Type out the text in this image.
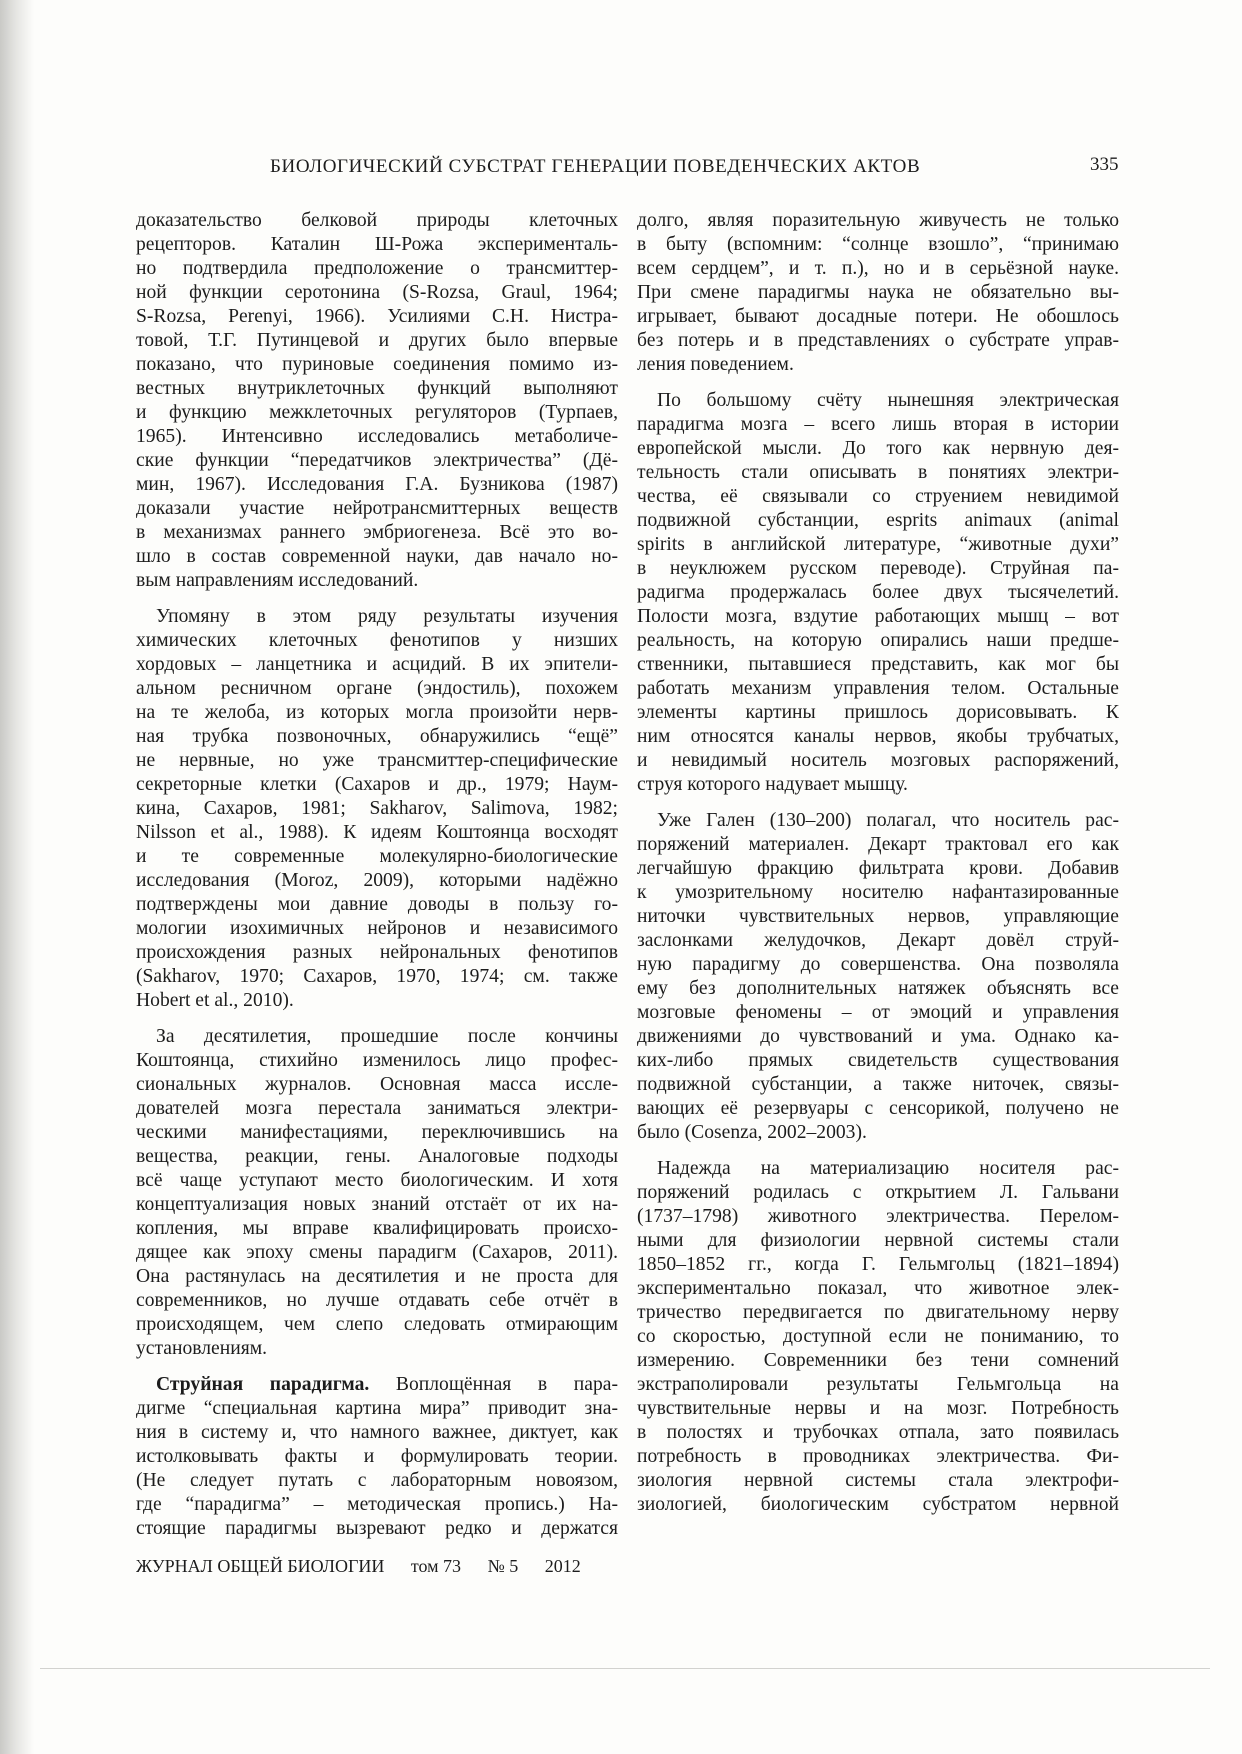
БИОЛОГИЧЕСКИЙ СУБСТРАТ ГЕНЕРАЦИИ ПОВЕДЕНЧЕСКИХ АКТОВ	335
доказательство белковой природы клеточных
рецепторов. Каталин Ш-Рожа эксперименталь-
но подтвердила предположение о трансмиттер-
ной функции серотонина (S-Rozsa, Graul, 1964;
S-Rozsa, Perenyi, 1966). Усилиями С.Н. Нистра-
товой, Т.Г. Путинцевой и других было впервые
показано, что пуриновые соединения помимо из-
вестных внутриклеточных функций выполняют
и функцию межклеточных регуляторов (Турпаев,
1965). Интенсивно исследовались метаболиче-
ские функции “передатчиков электричества” (Дё-
мин, 1967). Исследования Г.А. Бузникова (1987)
доказали участие нейротрансмиттерных веществ
в механизмах раннего эмбриогенеза. Всё это во-
шло в состав современной науки, дав начало но-
вым направлениям исследований.
Упомяну в этом ряду результаты изучения
химических клеточных фенотипов у низших
хордовых – ланцетника и асцидий. В их эпители-
альном ресничном органе (эндостиль), похожем
на те желоба, из которых могла произойти нерв-
ная трубка позвоночных, обнаружились “ещё”
не нервные, но уже трансмиттер-специфические
секреторные клетки (Сахаров и др., 1979; Наум-
кина, Сахаров, 1981; Sakharov, Salimova, 1982;
Nilsson et al., 1988). К идеям Коштоянца восходят
и те современные молекулярно-биологические
исследования (Moroz, 2009), которыми надёжно
подтверждены мои давние доводы в пользу го-
мологии изохимичных нейронов и независимого
происхождения разных нейрональных фенотипов
(Sakharov, 1970; Сахаров, 1970, 1974; см. также
Hobert et al., 2010).
За десятилетия, прошедшие после кончины
Коштоянца, стихийно изменилось лицо профес-
сиональных журналов. Основная масса иссле-
дователей мозга перестала заниматься электри-
ческими манифестациями, переключившись на
вещества, реакции, гены. Аналоговые подходы
всё чаще уступают место биологическим. И хотя
концептуализация новых знаний отстаёт от их на-
копления, мы вправе квалифицировать происхо-
дящее как эпоху смены парадигм (Сахаров, 2011).
Она растянулась на десятилетия и не проста для
современников, но лучше отдавать себе отчёт в
происходящем, чем слепо следовать отмирающим
установлениям.
Струйная парадигма. Воплощённая в пара-
дигме “специальная картина мира” приводит зна-
ния в систему и, что намного важнее, диктует, как
истолковывать факты и формулировать теории.
(Не следует путать с лабораторным новоязом,
где “парадигма” – методическая пропись.) На-
стоящие парадигмы вызревают редко и держатся
долго, являя поразительную живучесть не только
в быту (вспомним: “солнце взошло”, “принимаю
всем сердцем”, и т. п.), но и в серьёзной науке.
При смене парадигмы наука не обязательно вы-
игрывает, бывают досадные потери. Не обошлось
без потерь и в представлениях о субстрате управ-
ления поведением.
По большому счёту нынешняя электрическая
парадигма мозга – всего лишь вторая в истории
европейской мысли. До того как нервную дея-
тельность стали описывать в понятиях электри-
чества, её связывали со струением невидимой
подвижной субстанции, esprits animaux (animal
spirits в английской литературе, “животные духи”
в неуклюжем русском переводе). Струйная па-
радигма продержалась более двух тысячелетий.
Полости мозга, вздутие работающих мышц – вот
реальность, на которую опирались наши предше-
ственники, пытавшиеся представить, как мог бы
работать механизм управления телом. Остальные
элементы картины пришлось дорисовывать. К
ним относятся каналы нервов, якобы трубчатых,
и невидимый носитель мозговых распоряжений,
струя которого надувает мышцу.
Уже Гален (130–200) полагал, что носитель рас-
поряжений материален. Декарт трактовал его как
легчайшую фракцию фильтрата крови. Добавив
к умозрительному носителю нафантазированные
ниточки чувствительных нервов, управляющие
заслонками желудочков, Декарт довёл струй-
ную парадигму до совершенства. Она позволяла
ему без дополнительных натяжек объяснять все
мозговые феномены – от эмоций и управления
движениями до чувствований и ума. Однако ка-
ких-либо прямых свидетельств существования
подвижной субстанции, а также ниточек, связы-
вающих её резервуары с сенсорикой, получено не
было (Cosenza, 2002–2003).
Надежда на материализацию носителя рас-
поряжений родилась с открытием Л. Гальвани
(1737–1798) животного электричества. Перелом-
ными для физиологии нервной системы стали
1850–1852 гг., когда Г. Гельмгольц (1821–1894)
экспериментально показал, что животное элек-
тричество передвигается по двигательному нерву
со скоростью, доступной если не пониманию, то
измерению. Современники без тени сомнений
экстраполировали результаты Гельмгольца на
чувствительные нервы и на мозг. Потребность
в полостях и трубочках отпала, зато появилась
потребность в проводниках электричества. Фи-
зиология нервной системы стала электрофи-
зиологией, биологическим субстратом нервной
ЖУРНАЛ ОБЩЕЙ БИОЛОГИИ том 73 № 5 2012
